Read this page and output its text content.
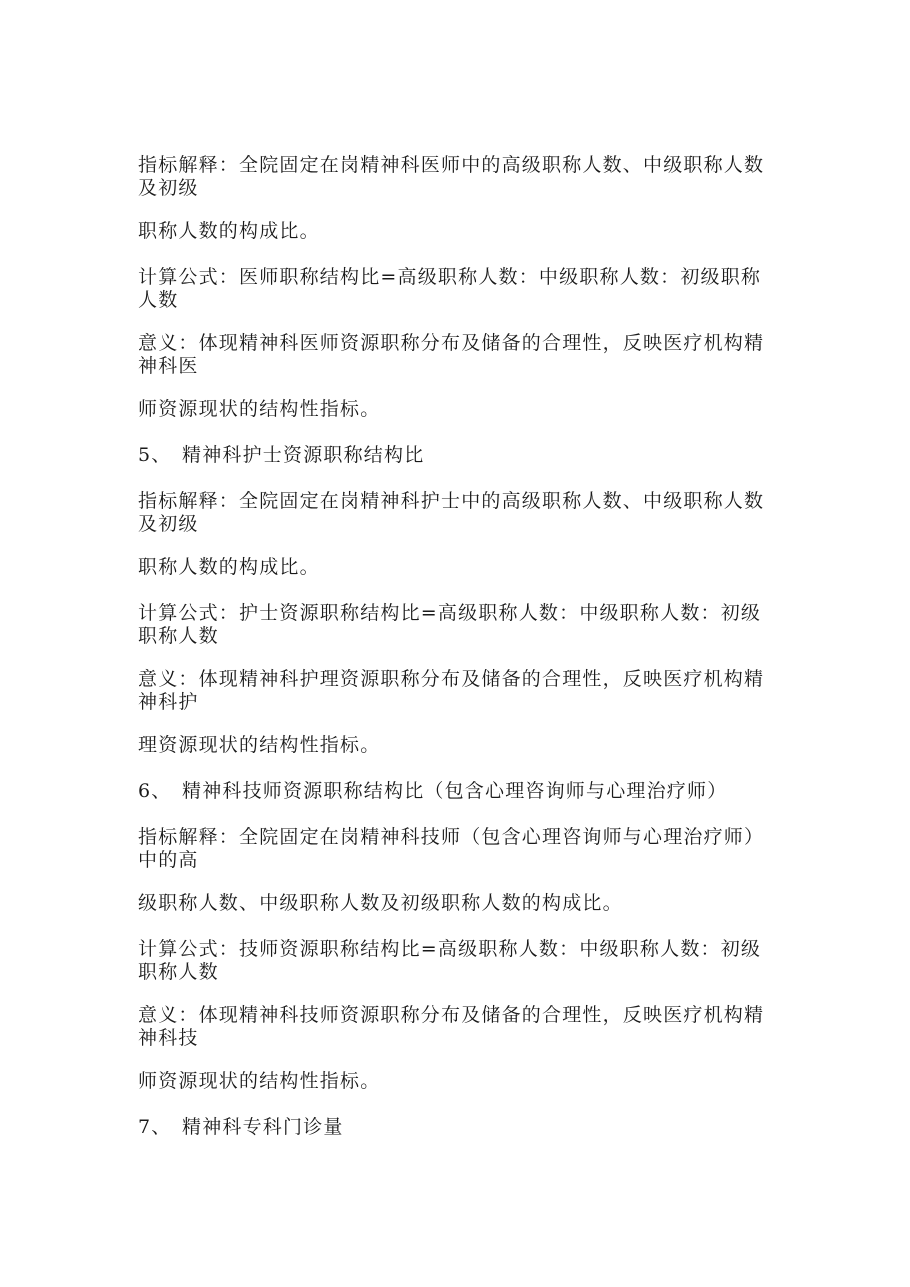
指标解释：全院固定在岗精神科医师中的高级职称人数、中级职称人数及初级

职称人数的构成比。

计算公式：医师职称结构比=高级职称人数：中级职称人数：初级职称人数

意义：体现精神科医师资源职称分布及储备的合理性，反映医疗机构精神科医

师资源现状的结构性指标。

5、 精神科护士资源职称结构比

指标解释：全院固定在岗精神科护士中的高级职称人数、中级职称人数及初级

职称人数的构成比。

计算公式：护士资源职称结构比=高级职称人数：中级职称人数：初级职称人数

意义：体现精神科护理资源职称分布及储备的合理性，反映医疗机构精神科护

理资源现状的结构性指标。

6、 精神科技师资源职称结构比（包含心理咨询师与心理治疗师）

指标解释：全院固定在岗精神科技师（包含心理咨询师与心理治疗师）中的高

级职称人数、中级职称人数及初级职称人数的构成比。

计算公式：技师资源职称结构比=高级职称人数：中级职称人数：初级职称人数

意义：体现精神科技师资源职称分布及储备的合理性，反映医疗机构精神科技

师资源现状的结构性指标。

7、 精神科专科门诊量
